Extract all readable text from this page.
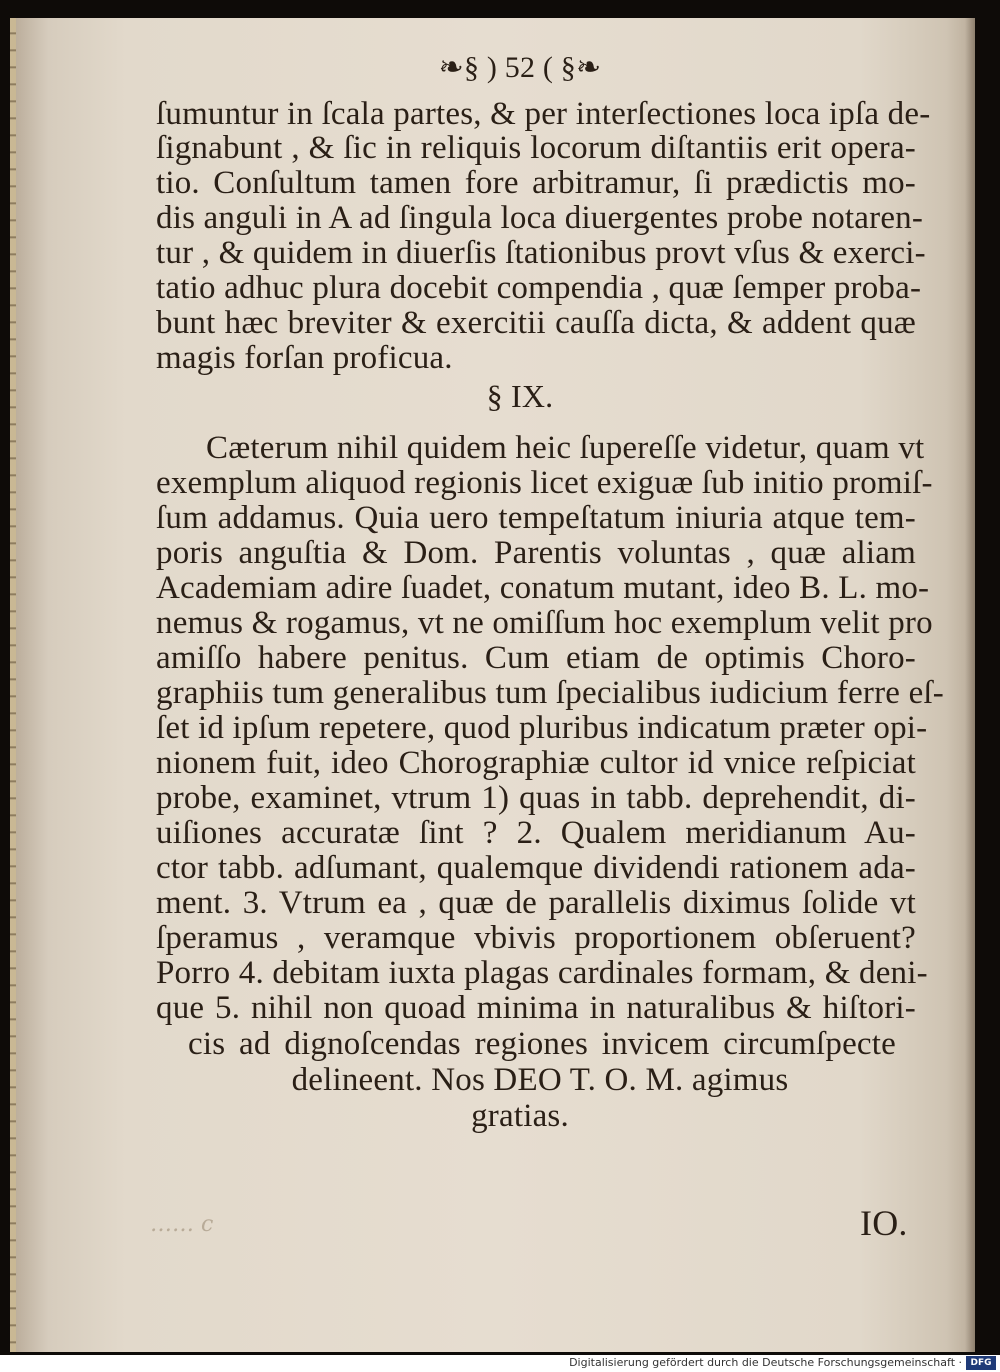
❧§ ) 52 ( §❧
ſumuntur in ſcala partes, & per interſectiones loca ipſa de-
ſignabunt , & ſic in reliquis locorum diſtantiis erit opera-
tio. Conſultum tamen fore arbitramur, ſi prædictis mo-
dis anguli in A ad ſingula loca diuergentes probe notaren-
tur , & quidem in diuerſis ſtationibus provt vſus & exerci-
tatio adhuc plura docebit compendia , quæ ſemper proba-
bunt hæc breviter & exercitii cauſſa dicta, & addent quæ
magis forſan proficua.
§ IX.
Cæterum nihil quidem heic ſupereſſe videtur, quam vt
exemplum aliquod regionis licet exiguæ ſub initio promiſ-
ſum addamus. Quia uero tempeſtatum iniuria atque tem-
poris anguſtia & Dom. Parentis voluntas , quæ aliam
Academiam adire ſuadet, conatum mutant, ideo B. L. mo-
nemus & rogamus, vt ne omiſſum hoc exemplum velit pro
amiſſo habere penitus. Cum etiam de optimis Choro-
graphiis tum generalibus tum ſpecialibus iudicium ferre eſ-
ſet id ipſum repetere, quod pluribus indicatum præter opi-
nionem fuit, ideo Chorographiæ cultor id vnice reſpiciat
probe, examinet, vtrum 1) quas in tabb. deprehendit, di-
uiſiones accuratæ ſint ? 2. Qualem meridianum Au-
ctor tabb. adſumant, qualemque dividendi rationem ada-
ment. 3. Vtrum ea , quæ de parallelis diximus ſolide vt
ſperamus , veramque vbivis proportionem obſeruent?
Porro 4. debitam iuxta plagas cardinales formam, & deni-
que 5. nihil non quoad minima in naturalibus & hiſtori-
cis ad dignoſcendas regiones invicem circumſpecte
delineent. Nos DEO T. O. M. agimus
gratias.
…… c	IO.
Digitalisierung gefördert durch die Deutsche Forschungsgemeinschaft · DFG
